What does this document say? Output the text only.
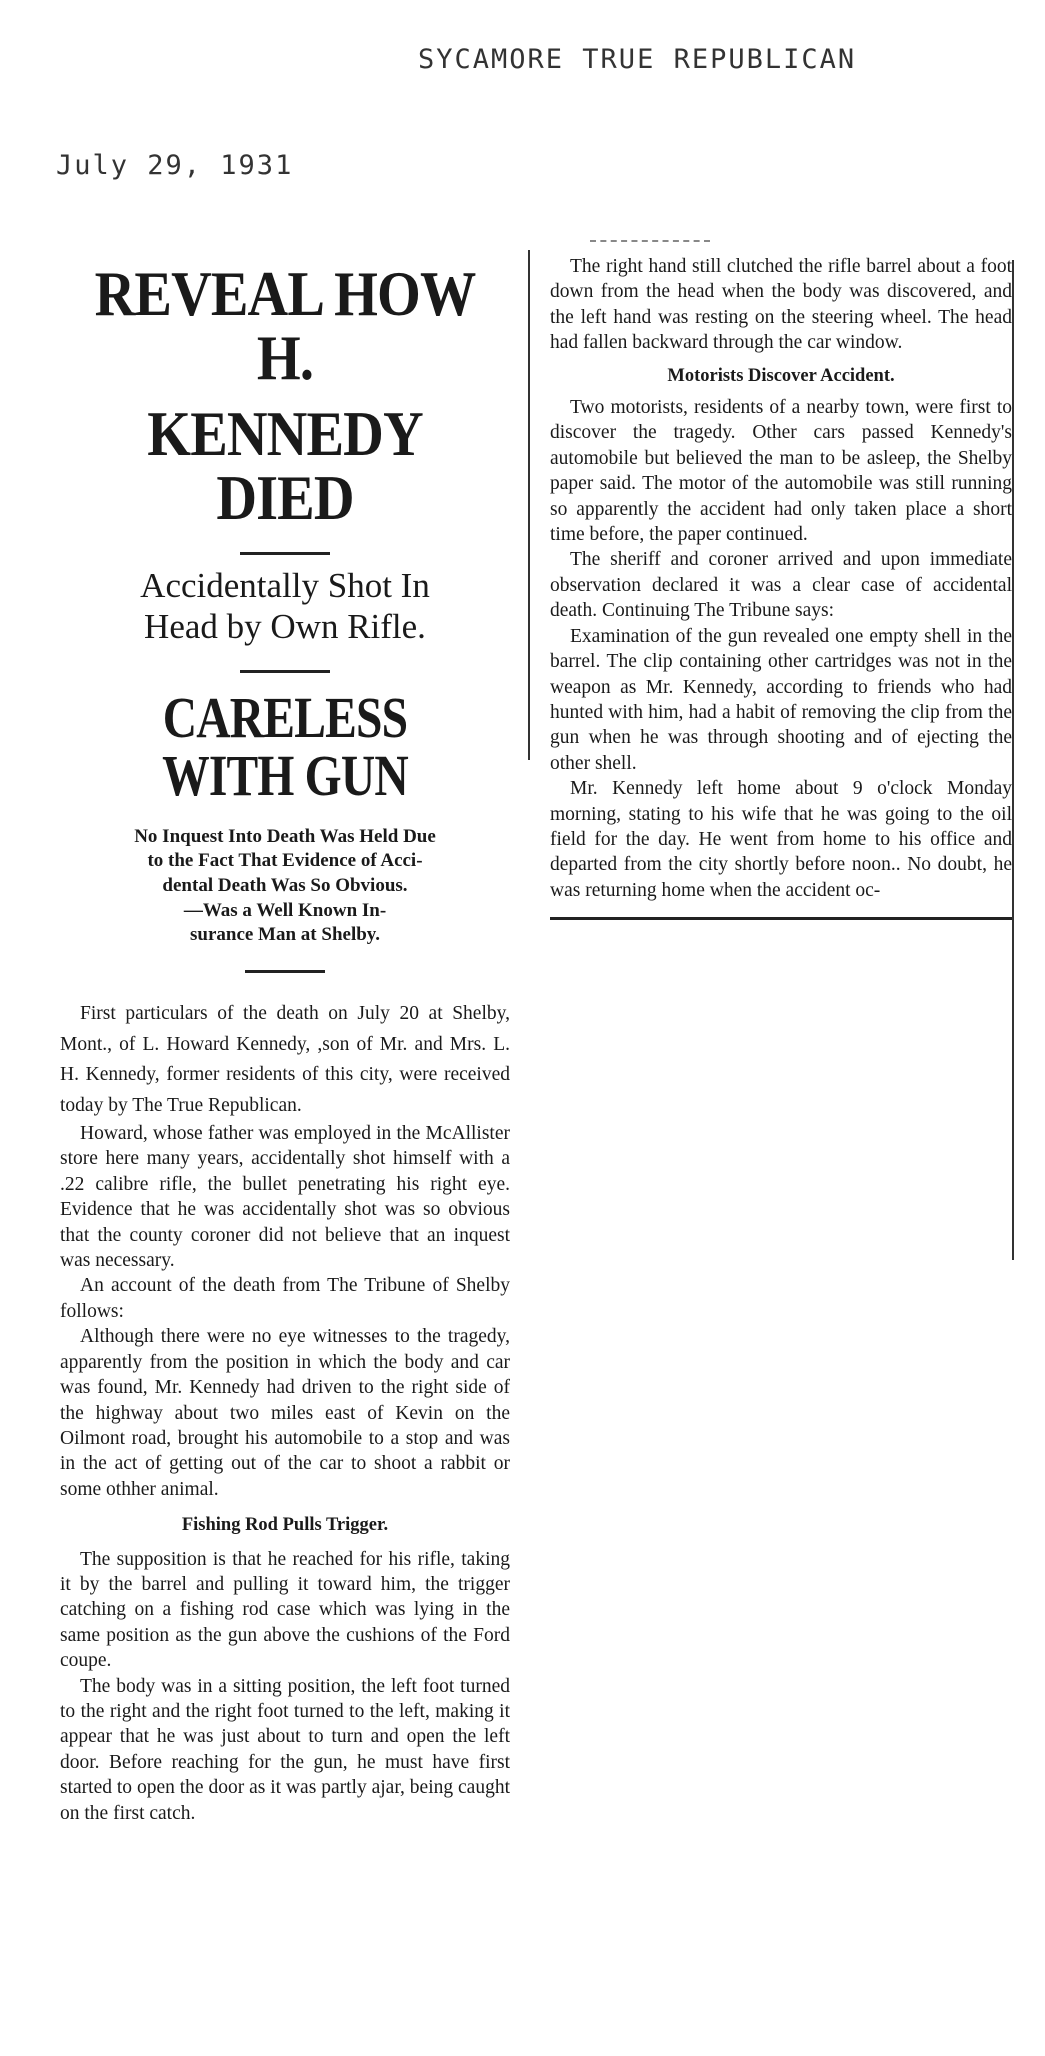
SYCAMORE TRUE REPUBLICAN
July 29, 1931
REVEAL HOW H.
KENNEDY DIED
Accidentally Shot In
Head by Own Rifle.
CARELESS WITH GUN
No Inquest Into Death Was Held Due
to the Fact That Evidence of Acci-
dental Death Was So Obvious.
—Was a Well Known In-
surance Man at Shelby.

First particulars of the death on July 20 at Shelby, Mont., of L. Howard Kennedy, ,son of Mr. and Mrs. L. H. Kennedy, former residents of this city, were received today by The True Republican.

Howard, whose father was employed in the McAllister store here many years, accidentally shot himself with a .22 calibre rifle, the bullet penetrating his right eye. Evidence that he was accidentally shot was so obvious that the county coroner did not believe that an inquest was necessary.

An account of the death from The Tribune of Shelby follows:

Although there were no eye witnesses to the tragedy, apparently from the position in which the body and car was found, Mr. Kennedy had driven to the right side of the highway about two miles east of Kevin on the Oilmont road, brought his automobile to a stop and was in the act of getting out of the car to shoot a rabbit or some othher animal.

Fishing Rod Pulls Trigger.

The supposition is that he reached for his rifle, taking it by the barrel and pulling it toward him, the trigger catching on a fishing rod case which was lying in the same position as the gun above the cushions of the Ford coupe.

The body was in a sitting position, the left foot turned to the right and the right foot turned to the left, making it appear that he was just about to turn and open the left door. Before reaching for the gun, he must have first started to open the door as it was partly ajar, being caught on the first catch.

The right hand still clutched the rifle barrel about a foot down from the head when the body was discovered, and the left hand was resting on the steering wheel. The head had fallen backward through the car window.

Motorists Discover Accident.

Two motorists, residents of a nearby town, were first to discover the tragedy. Other cars passed Kennedy's automobile but believed the man to be asleep, the Shelby paper said. The motor of the automobile was still running so apparently the accident had only taken place a short time before, the paper continued.

The sheriff and coroner arrived and upon immediate observation declared it was a clear case of accidental death. Continuing The Tribune says:

Examination of the gun revealed one empty shell in the barrel. The clip containing other cartridges was not in the weapon as Mr. Kennedy, according to friends who had hunted with him, had a habit of removing the clip from the gun when he was through shooting and of ejecting the other shell.

Mr. Kennedy left home about 9 o'clock Monday morning, stating to his wife that he was going to the oil field for the day. He went from home to his office and departed from the city shortly before noon.. No doubt, he was returning home when the accident oc-
